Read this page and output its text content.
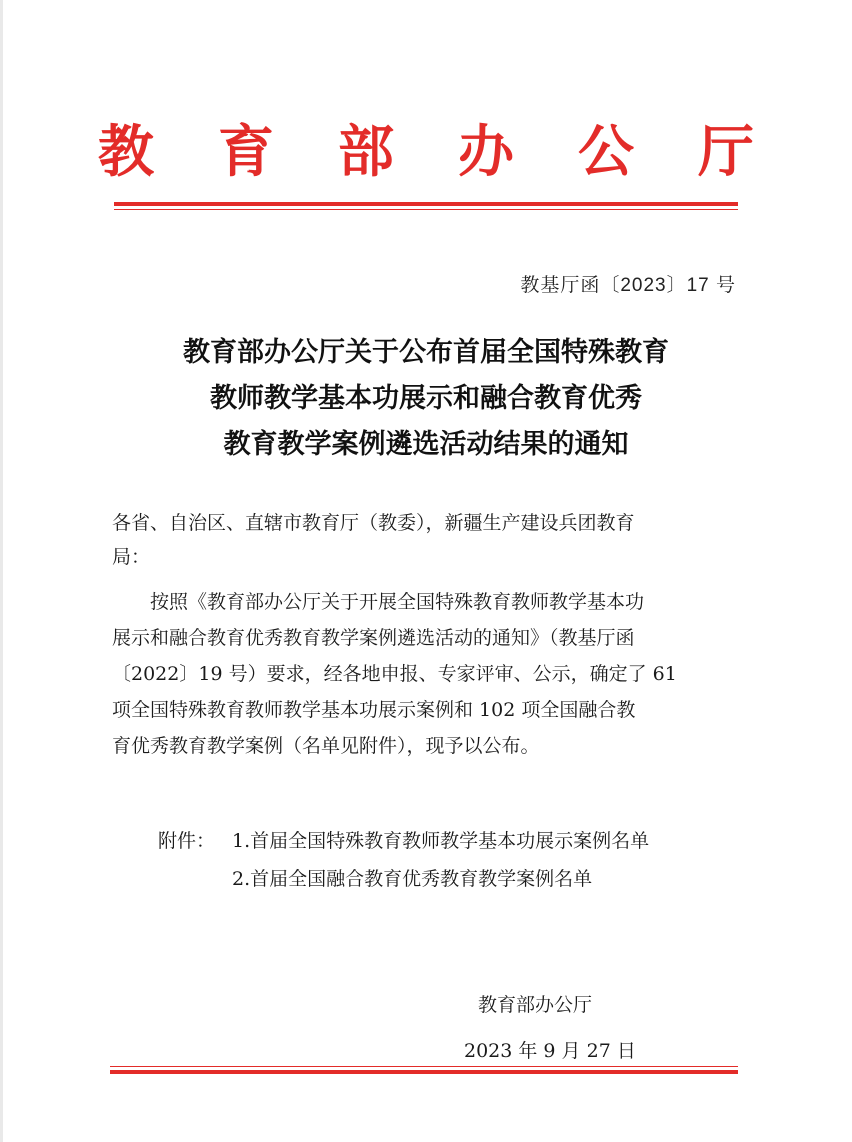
教 育 部 办 公 厅
教基厅函〔2023〕17 号
教育部办公厅关于公布首届全国特殊教育
教师教学基本功展示和融合教育优秀
教育教学案例遴选活动结果的通知
各省、自治区、直辖市教育厅（教委），新疆生产建设兵团教育
局：
　　按照《教育部办公厅关于开展全国特殊教育教师教学基本功
展示和融合教育优秀教育教学案例遴选活动的通知》（教基厅函
〔2022〕19 号）要求，经各地申报、专家评审、公示，确定了 61
项全国特殊教育教师教学基本功展示案例和 102 项全国融合教
育优秀教育教学案例（名单见附件），现予以公布。
附件： 1.首届全国特殊教育教师教学基本功展示案例名单
2.首届全国融合教育优秀教育教学案例名单
教育部办公厅
2023 年 9 月 27 日
